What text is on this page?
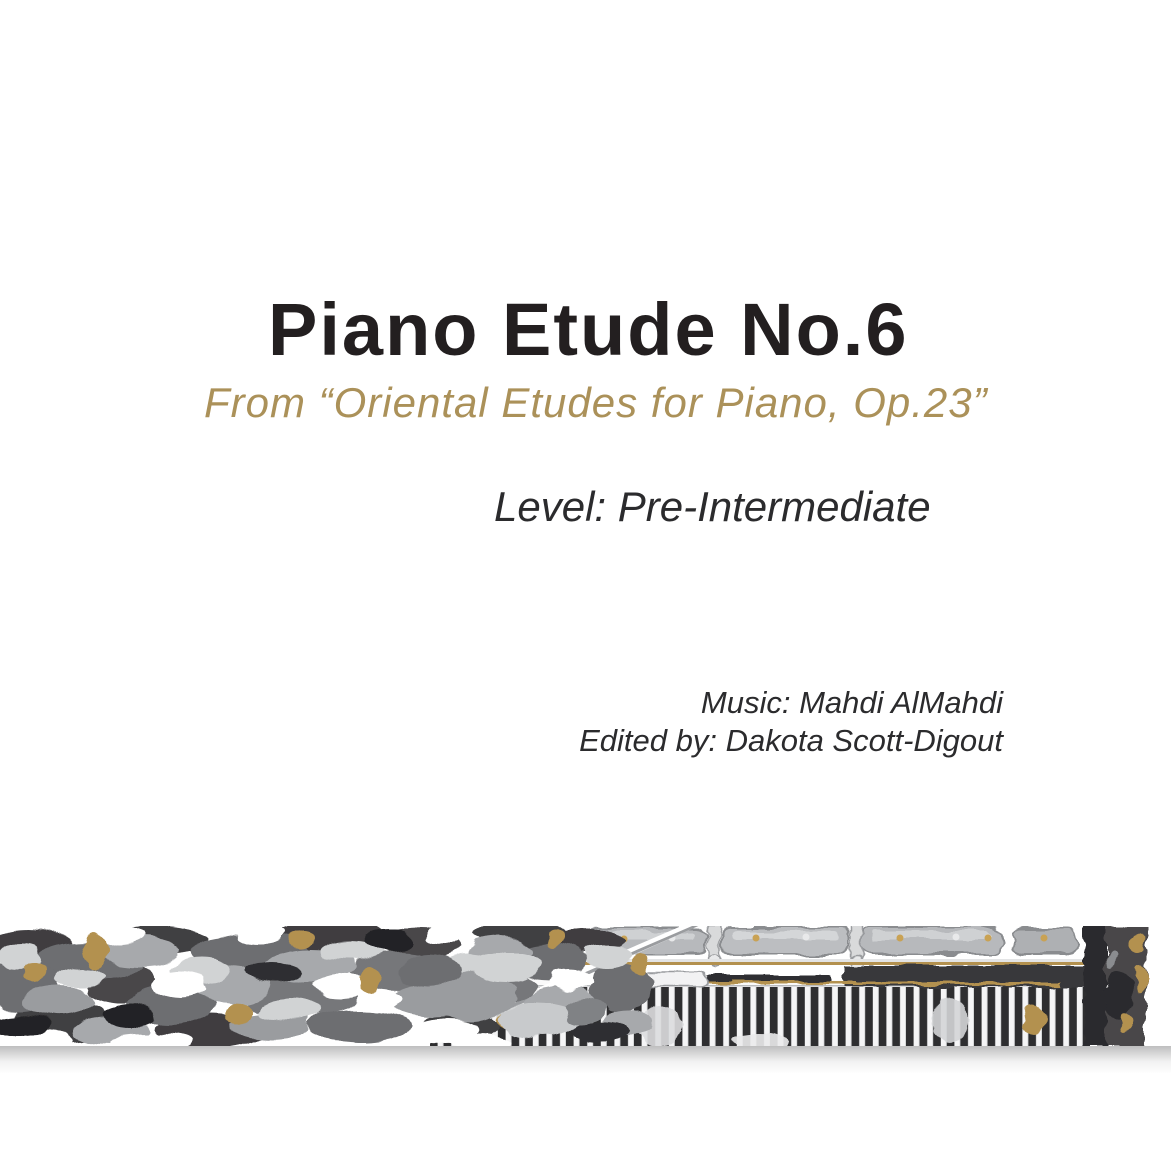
Piano Etude No.6
From “Oriental Etudes for Piano, Op.23”
Level: Pre-Intermediate
Music: Mahdi AlMahdi
Edited by: Dakota Scott-Digout
